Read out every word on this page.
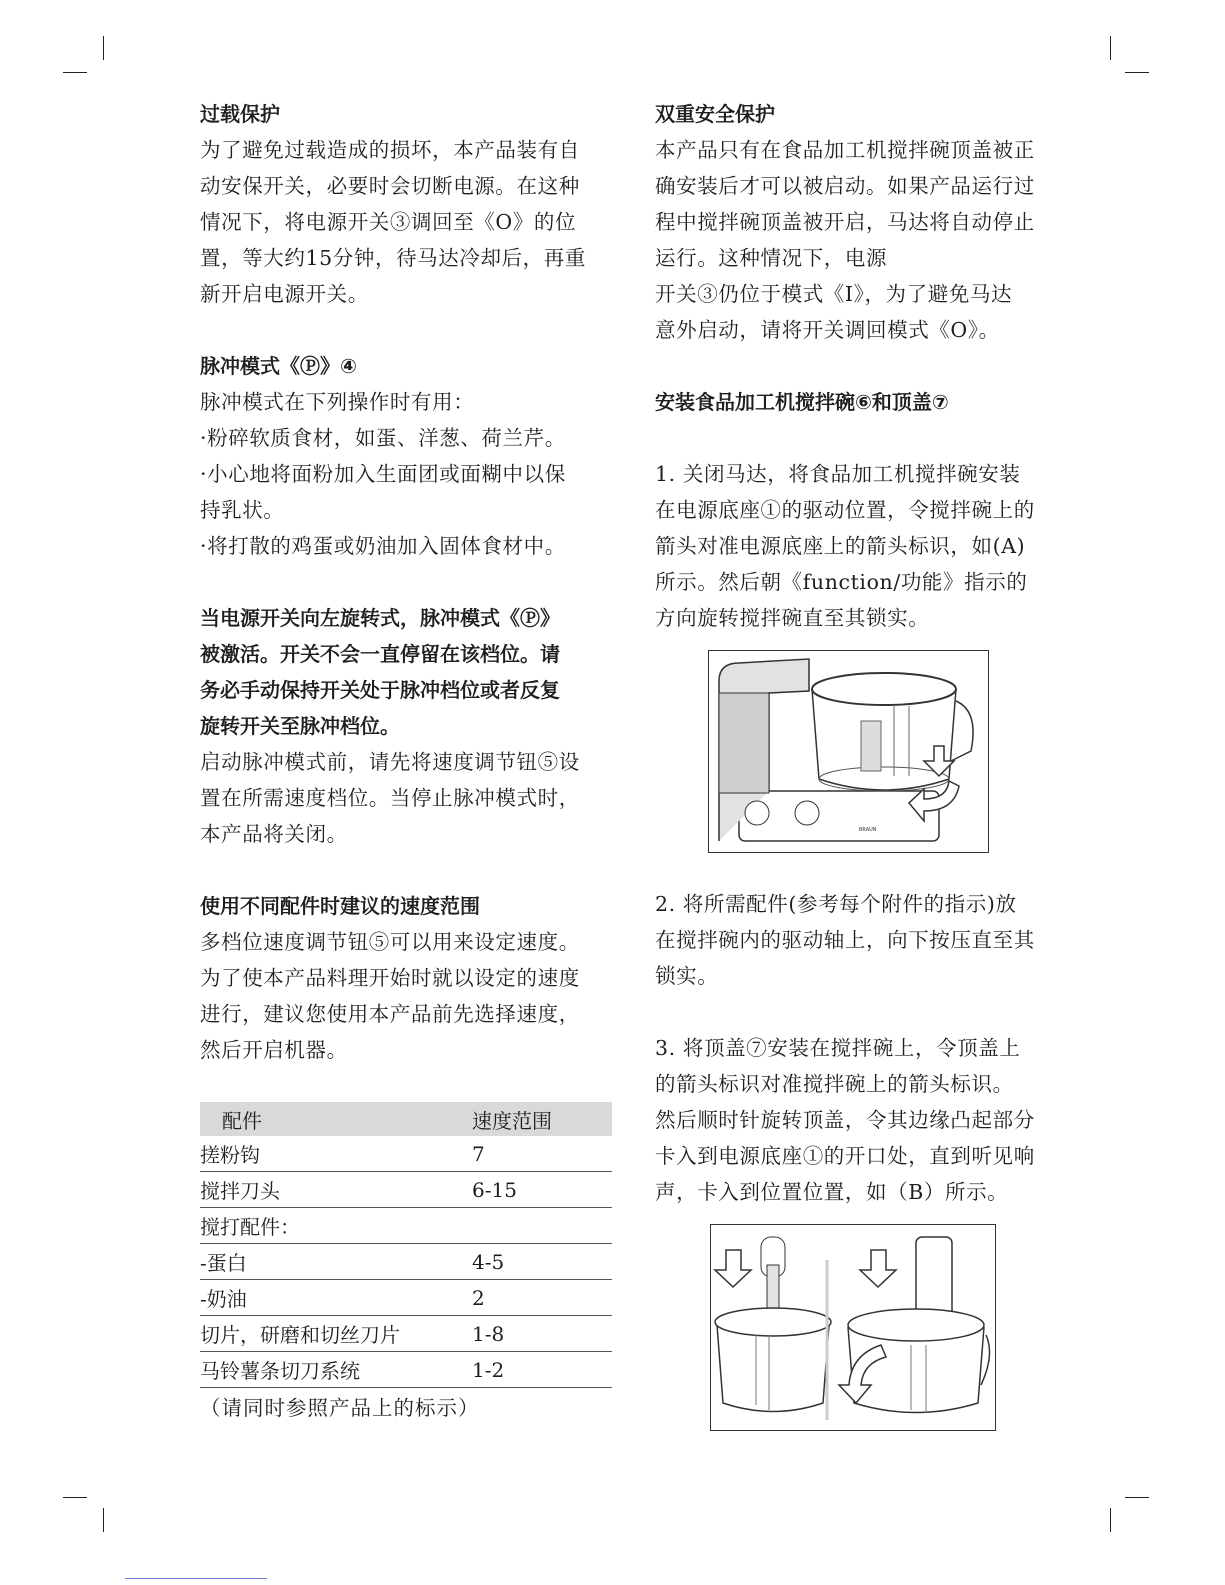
过载保护
为了避免过载造成的损坏，本产品装有自
动安保开关，必要时会切断电源。在这种
情况下，将电源开关③调回至《O》的位
置，等大约15分钟，待马达冷却后，再重
新开启电源开关。
脉冲模式《Ⓟ》④
脉冲模式在下列操作时有用：
·粉碎软质食材，如蛋、洋葱、荷兰芹。
·小心地将面粉加入生面团或面糊中以保
持乳状。
·将打散的鸡蛋或奶油加入固体食材中。
当电源开关向左旋转式，脉冲模式《Ⓟ》
被激活。开关不会一直停留在该档位。请
务必手动保持开关处于脉冲档位或者反复
旋转开关至脉冲档位。
启动脉冲模式前，请先将速度调节钮⑤设
置在所需速度档位。当停止脉冲模式时，
本产品将关闭。
使用不同配件时建议的速度范围
多档位速度调节钮⑤可以用来设定速度。
为了使本产品料理开始时就以设定的速度
进行，建议您使用本产品前先选择速度，
然后开启机器。
配件	速度范围
搓粉钩	7
搅拌刀头	6-15
搅打配件：	
-蛋白	4-5
-奶油	2
切片，研磨和切丝刀片	1-8
马铃薯条切刀系统	1-2
（请同时参照产品上的标示）
双重安全保护
本产品只有在食品加工机搅拌碗顶盖被正
确安装后才可以被启动。如果产品运行过
程中搅拌碗顶盖被开启，马达将自动停止
运行。这种情况下，电源
开关③仍位于模式《I》，为了避免马达
意外启动，请将开关调回模式《O》。
安装食品加工机搅拌碗⑥和顶盖⑦
1. 关闭马达，将食品加工机搅拌碗安装
在电源底座①的驱动位置，令搅拌碗上的
箭头对准电源底座上的箭头标识，如(A)
所示。然后朝《function/功能》指示的
方向旋转搅拌碗直至其锁实。
2. 将所需配件(参考每个附件的指示)放
在搅拌碗内的驱动轴上，向下按压直至其
锁实。
3. 将顶盖⑦安装在搅拌碗上，令顶盖上
的箭头标识对准搅拌碗上的箭头标识。
然后顺时针旋转顶盖，令其边缘凸起部分
卡入到电源底座①的开口处，直到听见响
声，卡入到位置位置，如（B）所示。
BRAUN
